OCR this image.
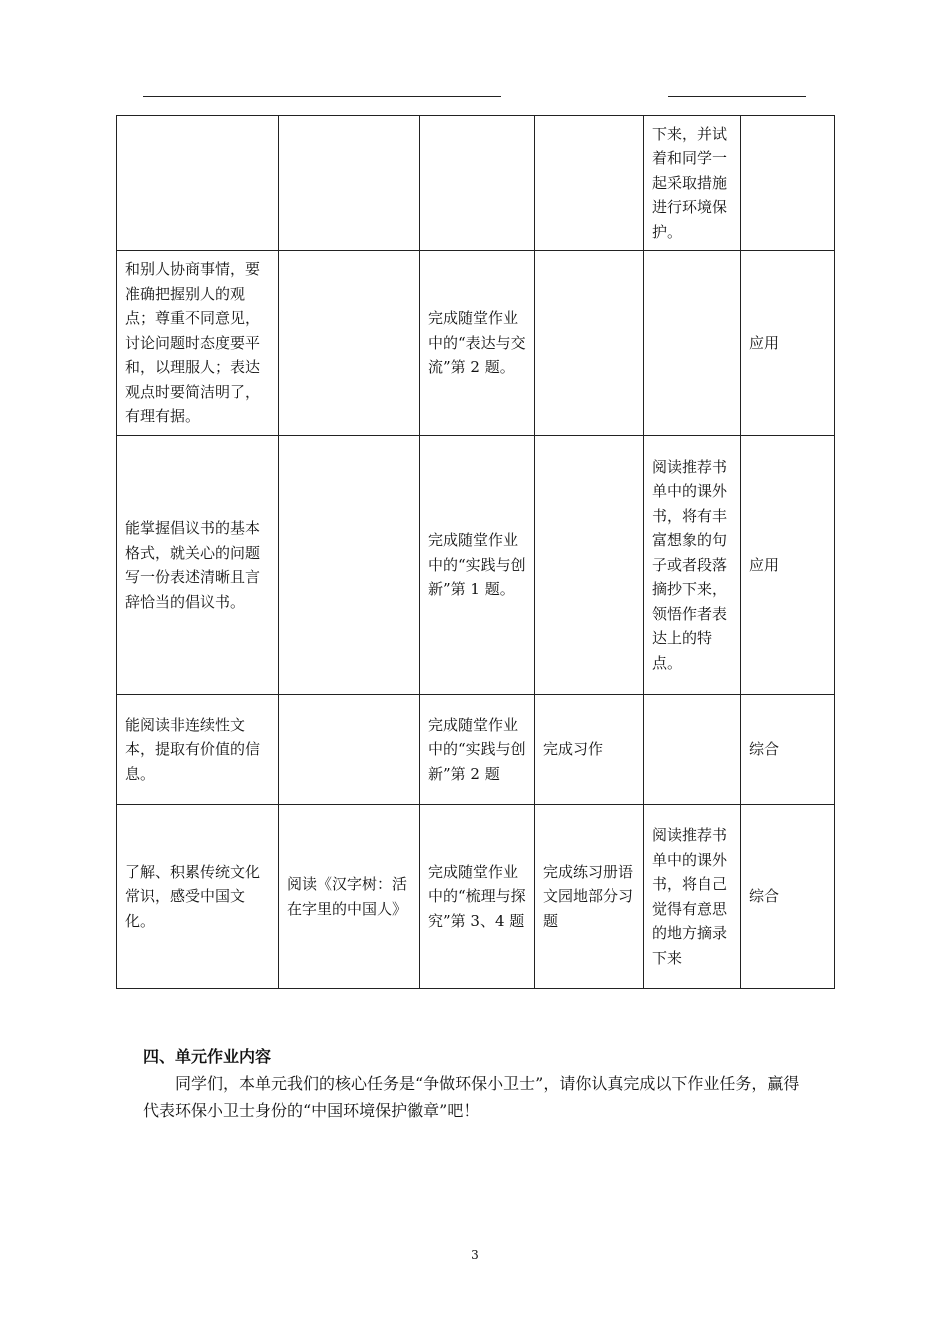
				下来，并试着和同学一起采取措施进行环境保护。	
和别人协商事情，要准确把握别人的观点；尊重不同意见，讨论问题时态度要平和，以理服人；表达观点时要简洁明了，有理有据。		完成随堂作业中的“表达与交流”第 2 题。			应用
能掌握倡议书的基本格式，就关心的问题写一份表述清晰且言辞恰当的倡议书。		完成随堂作业中的“实践与创新”第 1 题。		阅读推荐书单中的课外书，将有丰富想象的句子或者段落摘抄下来，领悟作者表达上的特点。	应用
能阅读非连续性文本，提取有价值的信息。		完成随堂作业中的“实践与创新”第 2 题	完成习作		综合
了解、积累传统文化常识，感受中国文化。	阅读《汉字树：活在字里的中国人》	完成随堂作业中的“梳理与探究”第 3、4 题	完成练习册语文园地部分习题	阅读推荐书单中的课外书，将自己觉得有意思的地方摘录下来	综合
四、单元作业内容

同学们，本单元我们的核心任务是“争做环保小卫士”，请你认真完成以下作业任务，赢得代表环保小卫士身份的“中国环境保护徽章”吧！

3
